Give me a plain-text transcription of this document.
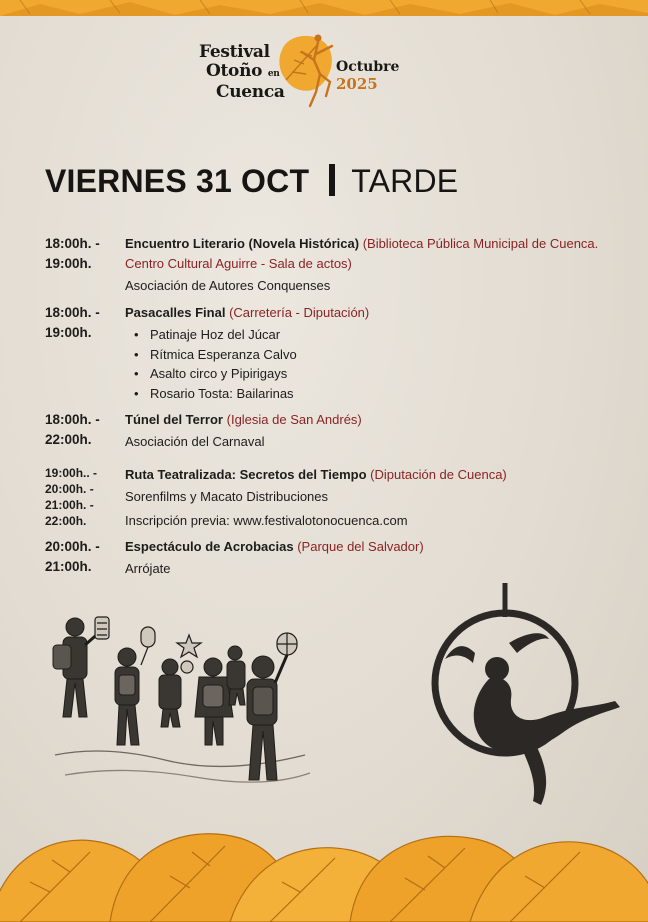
Festival
Otoño en
Cuenca
Octubre 2025
VIERNES 31 OCT TARDE
18:00h. -
19:00h.
Encuentro Literario (Novela Histórica) (Biblioteca Pública Municipal de Cuenca. Centro Cultural Aguirre - Sala de actos)
Asociación de Autores Conquenses
18:00h. -
19:00h.
Pasacalles Final (Carretería - Diputación)
• Patinaje Hoz del Júcar
• Rítmica Esperanza Calvo
• Asalto circo y Pipirigays
• Rosario Tosta: Bailarinas
18:00h. -
22:00h.
Túnel del Terror (Iglesia de San Andrés)
Asociación del Carnaval
19:00h.. -
20:00h. -
21:00h. -
22:00h.
Ruta Teatralizada: Secretos del Tiempo (Diputación de Cuenca)
Sorenfilms y Macato Distribuciones
Inscripción previa: www.festivalotonocuenca.com
20:00h. -
21:00h.
Espectáculo de Acrobacias (Parque del Salvador)
Arrójate
